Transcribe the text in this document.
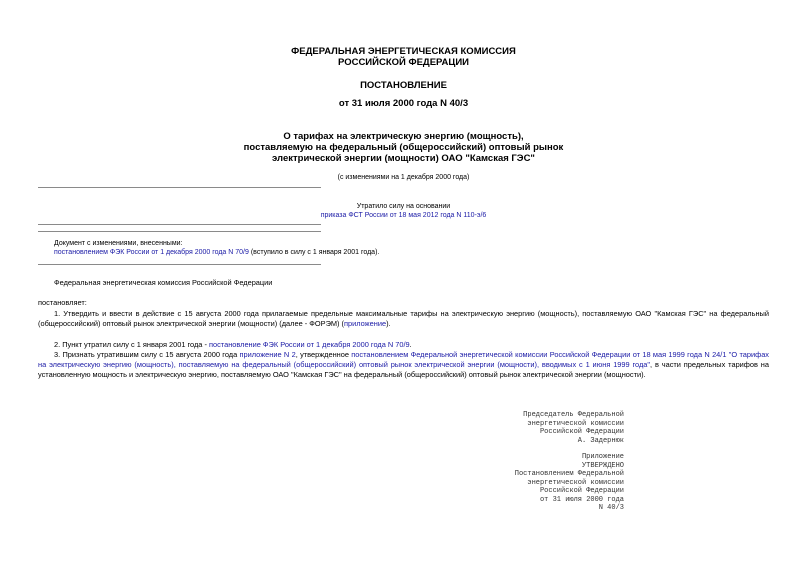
ФЕДЕРАЛЬНАЯ ЭНЕРГЕТИЧЕСКАЯ КОМИССИЯ
РОССИЙСКОЙ ФЕДЕРАЦИИ
ПОСТАНОВЛЕНИЕ
от 31 июля 2000 года N 40/3
О тарифах на электрическую энергию (мощность),
поставляемую на федеральный (общероссийский) оптовый рынок
электрической энергии (мощности) ОАО "Камская ГЭС"
(с изменениями на 1 декабря 2000 года)
Утратило силу на основании
приказа ФСТ России от 18 мая 2012 года N 110-э/6
Документ с изменениями, внесенными:
постановлением ФЭК России от 1 декабря 2000 года N 70/9 (вступило в силу с 1 января 2001 года).
Федеральная энергетическая комиссия Российской Федерации
постановляет:
1. Утвердить и ввести в действие с 15 августа 2000 года прилагаемые предельные максимальные тарифы на электрическую энергию (мощность), поставляемую ОАО "Камская ГЭС" на федеральный (общероссийский) оптовый рынок электрической энергии (мощности) (далее - ФОРЭМ) (приложение).
2. Пункт утратил силу с 1 января 2001 года - постановление ФЭК России от 1 декабря 2000 года N 70/9.
3. Признать утратившим силу с 15 августа 2000 года приложение N 2, утвержденное постановлением Федеральной энергетической комиссии Российской Федерации от 18 мая 1999 года N 24/1 "О тарифах на электрическую энергию (мощность), поставляемую на федеральный (общероссийский) оптовый рынок электрической энергии (мощности), вводимых с 1 июня 1999 года", в части предельных тарифов на установленную мощность и электрическую энергию, поставляемую ОАО "Камская ГЭС" на федеральный (общероссийский) оптовый рынок электрической энергии (мощности).
Председатель Федеральной
энергетической комиссии
Российской Федерации
А. Задернюк
Приложение
УТВЕРЖДЕНО
Постановлением Федеральной
энергетической комиссии
Российской Федерации
от 31 июля 2000 года
N 40/3
